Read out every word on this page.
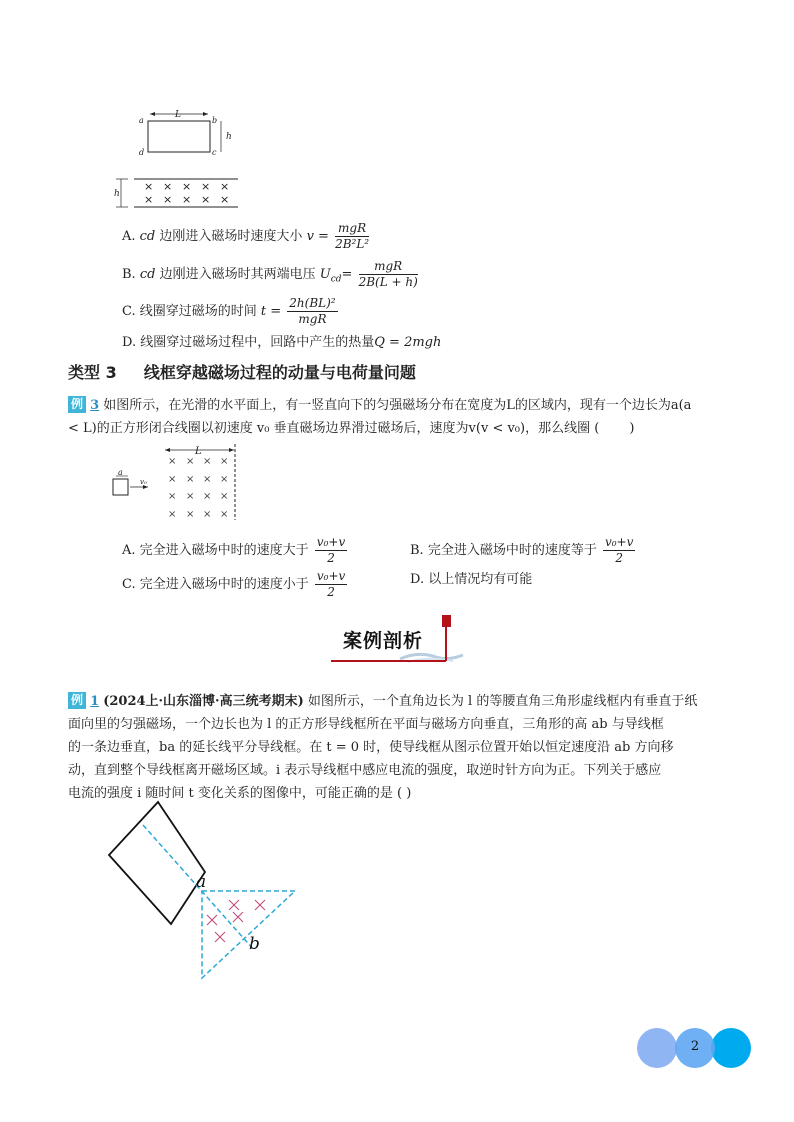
L
a	b
c
d
h
h
× × × × ×
× × × × ×
A. cd 边刚进入磁场时速度大小 $v = \frac{\text{mgR}}{\text{2B²L²}}$
B. cd 边刚进入磁场时其两端电压 $U_{cd}= \frac{\text{mgR}}{2B(L + h)}$
C. 线圈穿过磁场的时间 $t = \frac{\text{2h(BL)²}}{\text{mgR}}$
D. 线圈穿过磁场过程中，回路中产生的热量Q = 2mgh
类型 3 线框穿越磁场过程的动量与电荷量问题
例 3 如图所示，在光滑的水平面上，有一竖直向下的匀强磁场分布在宽度为L的区域内，现有一个边长为a(a
< L)的正方形闭合线圈以初速度 v₀ 垂直磁场边界滑过磁场后，速度为v(v < v₀)，那么线圈 ( )
L
× × × ×
× × × ×
× × × ×
× × × ×
a
v₀
A. 完全进入磁场中时的速度大于 $\frac{\text{v₀+v}}{2}$	B. 完全进入磁场中时的速度等于 $\frac{\text{v₀+v}}{2}$
C. 完全进入磁场中时的速度小于 $\frac{\text{v₀+v}}{2}$	D. 以上情况均有可能
案例剖析
例 1 (2024上·山东淄博·高三统考期末) 如图所示，一个直角边长为 l 的等腰直角三角形虚线框内有垂直于纸
面向里的匀强磁场，一个边长也为 l 的正方形导线框所在平面与磁场方向垂直，三角形的高 ab 与导线框
的一条边垂直，ba 的延长线平分导线框。在 t = 0 时，使导线框从图示位置开始以恒定速度沿 ab 方向移
动，直到整个导线框离开磁场区域。i 表示导线框中感应电流的强度，取逆时针方向为正。下列关于感应
电流的强度 i 随时间 t 变化关系的图像中，可能正确的是 ( )
a
b
2
